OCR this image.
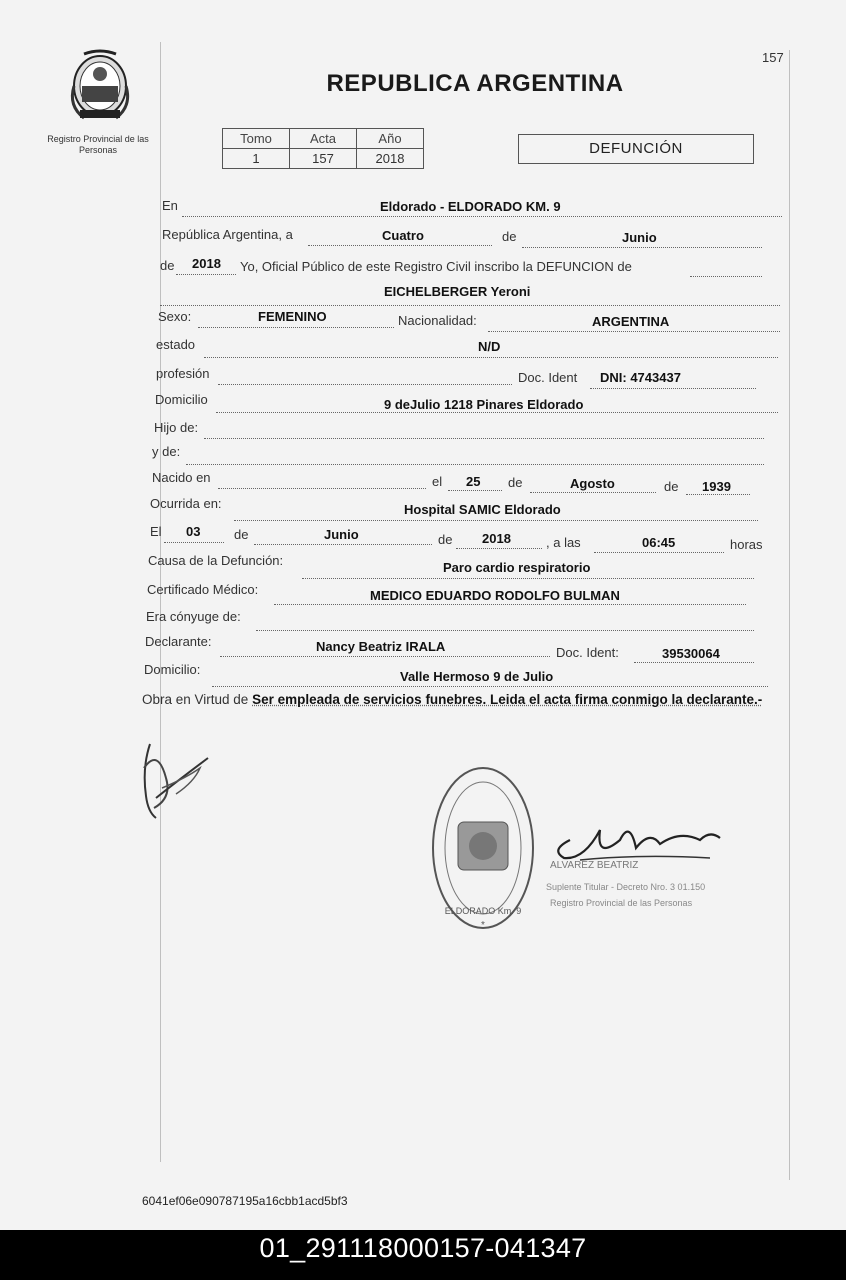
157
Registro Provincial de las Personas
REPUBLICA ARGENTINA
Tomo	Acta	Año
1	157	2018
DEFUNCIÓN
En	Eldorado - ELDORADO KM. 9
República Argentina, a	Cuatro	de	Junio
de 2018 Yo, Oficial Público de este Registro Civil inscribo la DEFUNCION de
EICHELBERGER Yeroni
Sexo:	FEMENINO	Nacionalidad:	ARGENTINA
estado	N/D
profesión	Doc. Ident DNI: 4743437
Domicilio	9 deJulio 1218 Pinares Eldorado
Hijo de:
y de:
Nacido en	el 25 de	Agosto	de 1939
Ocurrida en:	Hospital SAMIC Eldorado
El 03	de	Junio	de 2018	, a las	06:45	horas
Causa de la Defunción:	Paro cardio respiratorio
Certificado Médico:	MEDICO EDUARDO RODOLFO BULMAN
Era cónyuge de:
Declarante:	Nancy Beatriz IRALA	Doc. Ident:	39530064
Domicilio:	Valle Hermoso 9 de Julio
Obra en Virtud de Ser empleada de servicios funebres. Leida el acta firma conmigo la declarante.-
ELDORADO Km. 9
*
ALVAREZ BEATRIZ
Suplente Titular - Decreto Nro. 3 01.150
Registro Provincial de las Personas
6041ef06e090787195a16cbb1acd5bf3
01_291118000157-041347
